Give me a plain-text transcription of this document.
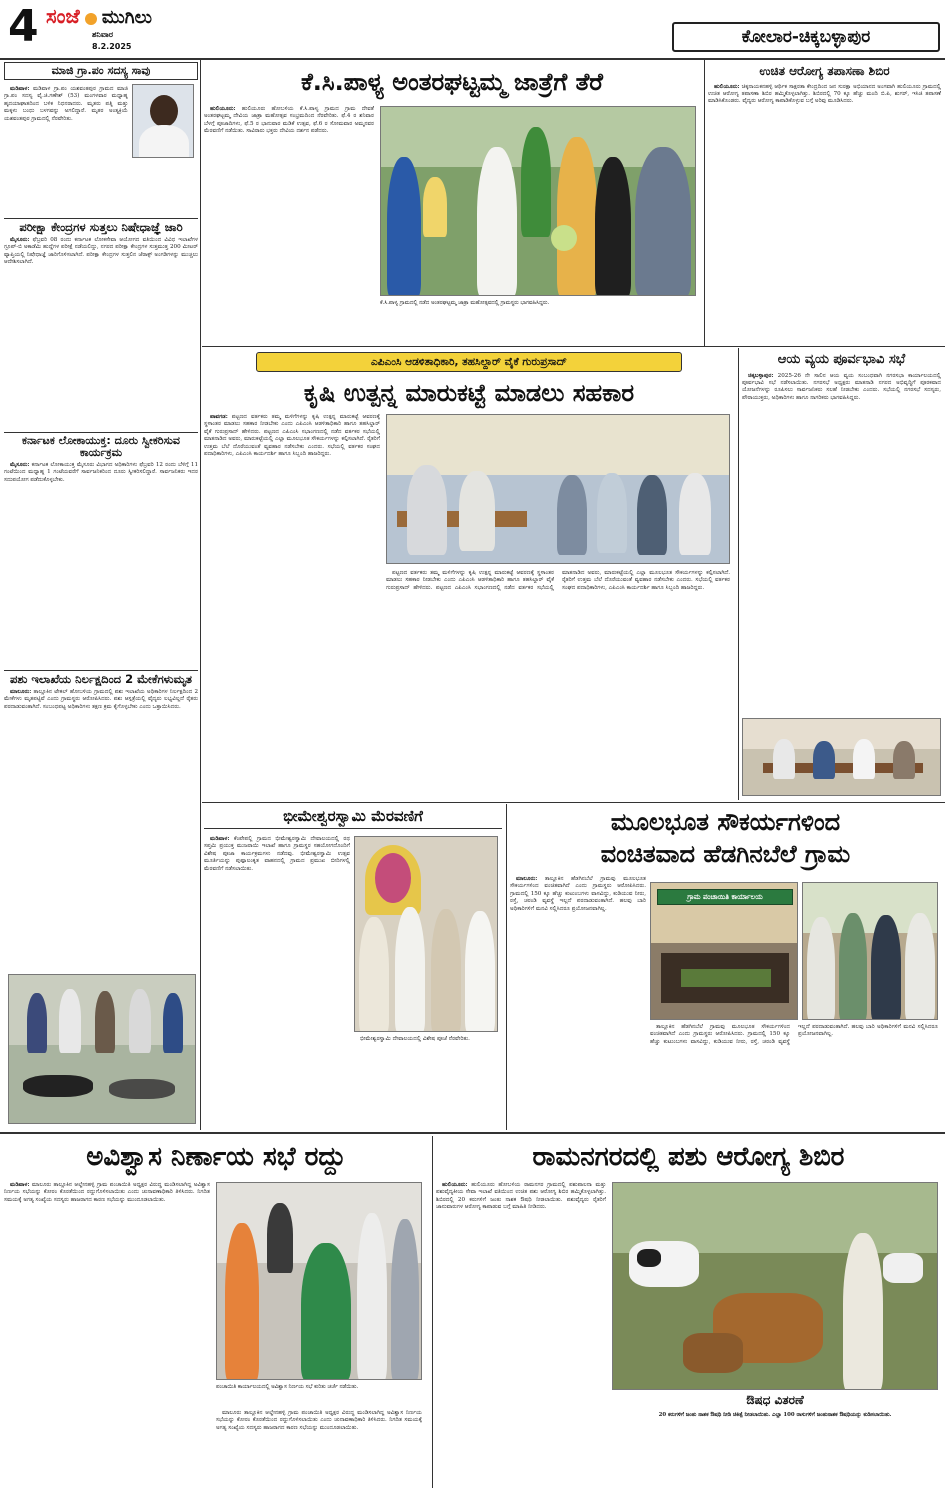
4 ಸಂಜೆ ಮುಗಿಲು
ಶನಿವಾರ
8.2.2025	ಕೋಲಾರ-ಚಿಕ್ಕಬಳ್ಳಾಪುರ
ಮಾಜಿ ಗ್ರಾ.ಪಂ ಸದಸ್ಯ ಸಾವು

ಮಡಿವಾಳ: ಮಡಿವಾಳ ಗ್ರಾ.ಪಂ ಯಶವಂತಪುರ ಗ್ರಾಮದ ಮಾಜಿ ಗ್ರಾ.ಪಂ ಸದಸ್ಯ ವೈ.ಜಿ.ಗಣೇಶ್ (53) ಮಂಗಳವಾರ ಮಧ್ಯಾಹ್ನ ಹೃದಯಾಘಾತದಿಂದ ಬಳಿಕ ನಿಧನರಾದರು. ಮೃತರು ಪತ್ನಿ ಮತ್ತು ಮಕ್ಕಳು ಬಂಧು ಬಳಗವನ್ನು ಅಗಲಿದ್ದಾರೆ. ಮೃತರ ಅಂತ್ಯಕ್ರಿಯೆ ಯಶವಂತಪುರ ಗ್ರಾಮದಲ್ಲಿ ನೆರವೇರಿತು.

ಪರೀಕ್ಷಾ ಕೇಂದ್ರಗಳ ಸುತ್ತಲು ನಿಷೇಧಾಜ್ಞೆ ಜಾರಿ

ಮೈಸೂರು: ಫೆಬ್ರವರಿ 08 ರಂದು ಕರ್ನಾಟಕ ಲೋಕಸೇವಾ ಆಯೋಗದ ವತಿಯಿಂದ ವಿವಿಧ ಇಲಾಖೆಗಳ ಗ್ರೂಪ್-ಬಿ ಅಕಾಡೆಮಿ ಹುದ್ದೆಗಳ ಪರೀಕ್ಷೆ ನಡೆಯಲಿದ್ದು, ನಗರದ ಪರೀಕ್ಷಾ ಕೇಂದ್ರಗಳ ಸುತ್ತಮುತ್ತ 200 ಮೀಟರ್ ವ್ಯಾಪ್ತಿಯಲ್ಲಿ ನಿಷೇಧಾಜ್ಞೆ ಜಾರಿಗೊಳಿಸಲಾಗಿದೆ. ಪರೀಕ್ಷಾ ಕೇಂದ್ರಗಳ ಸುತ್ತಲಿನ ಜೆರಾಕ್ಸ್ ಅಂಗಡಿಗಳನ್ನು ಮುಚ್ಚಲು ಆದೇಶಿಸಲಾಗಿದೆ.

ಕರ್ನಾಟಕ ಲೋಕಾಯುಕ್ತ: ದೂರು ಸ್ವೀಕರಿಸುವ ಕಾರ್ಯಕ್ರಮ

ಮೈಸೂರು: ಕರ್ನಾಟಕ ಲೋಕಾಯುಕ್ತ ಮೈಸೂರು ವಿಭಾಗದ ಅಧಿಕಾರಿಗಳು ಫೆಬ್ರವರಿ 12 ರಂದು ಬೆಳಿಗ್ಗೆ 11 ಗಂಟೆಯಿಂದ ಮಧ್ಯಾಹ್ನ 1 ಗಂಟೆಯವರೆಗೆ ಸಾರ್ವಜನಿಕರಿಂದ ದೂರು ಸ್ವೀಕರಿಸಲಿದ್ದಾರೆ. ಸಾರ್ವಜನಿಕರು ಇದರ ಸದುಪಯೋಗ ಪಡೆದುಕೊಳ್ಳಬೇಕು.

ಪಶು ಇಲಾಖೆಯ ನಿರ್ಲಕ್ಷದಿಂದ 2 ಮೇಕೆಗಳುಮೃತ

ಮಾಲೂರು: ತಾಲ್ಲೂಕಿನ ಟೇಕಲ್ ಹೋಬಳಿಯ ಗ್ರಾಮದಲ್ಲಿ ಪಶು ಇಲಾಖೆಯ ಅಧಿಕಾರಿಗಳ ನಿರ್ಲಕ್ಷದಿಂದ 2 ಮೇಕೆಗಳು ಮೃತಪಟ್ಟಿವೆ ಎಂದು ಗ್ರಾಮಸ್ಥರು ಆರೋಪಿಸಿದರು. ಪಶು ಆಸ್ಪತ್ರೆಯಲ್ಲಿ ವೈದ್ಯರು ಲಭ್ಯವಿಲ್ಲದೆ ರೈತರು ಪರದಾಡುವಂತಾಗಿದೆ. ಸಂಬಂಧಪಟ್ಟ ಅಧಿಕಾರಿಗಳು ತಕ್ಷಣ ಕ್ರಮ ಕೈಗೊಳ್ಳಬೇಕು ಎಂದು ಒತ್ತಾಯಿಸಿದರು.

ಕೆ.ಸಿ.ಪಾಳ್ಯ ಅಂತರಘಟ್ಟಮ್ಮ ಜಾತ್ರೆಗೆ ತೆರೆ

ಹುಲಿಯೂರು: ಹುಲಿಯೂರು ಹೋಬಳಿಯ ಕೆ.ಸಿ.ಪಾಳ್ಯ ಗ್ರಾಮದ ಗ್ರಾಮ ದೇವತೆ ಅಂತರಘಟ್ಟಮ್ಮ ದೇವಿಯ ಜಾತ್ರಾ ಮಹೋತ್ಸವ ಸಂಭ್ರಮದಿಂದ ನೆರವೇರಿತು. ಫೆ.4 ರ ಶನಿವಾರ ಬೆಳಗ್ಗೆ ಪೂಜಾದಿಗಳು, ಫೆ.5 ರ ಭಾನುವಾರ ಮಡಿಕೆ ಉತ್ಸವ, ಫೆ.6 ರ ಸೋಮವಾರ ಅಮ್ಮನವರ ಮೆರವಣಿಗೆ ನಡೆಯಿತು. ಸಾವಿರಾರು ಭಕ್ತರು ದೇವಿಯ ದರ್ಶನ ಪಡೆದರು.

ಕೆ.ಸಿ.ಪಾಳ್ಯ ಗ್ರಾಮದಲ್ಲಿ ನಡೆದ ಅಂತರಘಟ್ಟಮ್ಮ ಜಾತ್ರಾ ಮಹೋತ್ಸವದಲ್ಲಿ ಗ್ರಾಮಸ್ಥರು ಭಾಗವಹಿಸಿದ್ದರು.
ಉಚಿತ ಆರೋಗ್ಯ ತಪಾಸಣಾ ಶಿಬಿರ

ಹುಲಿಯೂರು: ಚಿಕ್ಕನಾಯಕನಹಳ್ಳಿ ಆರ್ಥಿಕ ಸಾಕ್ಷರತಾ ಕೇಂದ್ರದಿಂದ ಜನ ಸುರಕ್ಷಾ ಅಭಿಯಾನದ ಅಂಗವಾಗಿ ಹುಲಿಯೂರು ಗ್ರಾಮದಲ್ಲಿ ಉಚಿತ ಆರೋಗ್ಯ ತಪಾಸಣಾ ಶಿಬಿರ ಹಮ್ಮಿಕೊಳ್ಳಲಾಗಿತ್ತು. ಶಿಬಿರದಲ್ಲಿ 70 ಕ್ಕೂ ಹೆಚ್ಚು ಮಂದಿ ಬಿ.ಪಿ, ಶುಗರ್, ಇಸಿಜಿ ತಪಾಸಣೆ ಮಾಡಿಸಿಕೊಂಡರು. ವೈದ್ಯರು ಆರೋಗ್ಯ ಕಾಪಾಡಿಕೊಳ್ಳುವ ಬಗ್ಗೆ ಅರಿವು ಮೂಡಿಸಿದರು.

ಎಪಿಎಂಸಿ ಆಡಳಿತಾಧಿಕಾರಿ, ತಹಸಿಲ್ದಾರ್ ವೈಕೆ ಗುರುಪ್ರಸಾದ್
ಕೃಷಿ ಉತ್ಪನ್ನ ಮಾರುಕಟ್ಟೆ ಮಾಡಲು ಸಹಕಾರ

ಪಾವಗಡ: ಪಟ್ಟಣದ ವರ್ತಕರು ತಮ್ಮ ಮಳಿಗೆಗಳನ್ನು ಕೃಷಿ ಉತ್ಪನ್ನ ಮಾರುಕಟ್ಟೆ ಆವರಣಕ್ಕೆ ಸ್ಥಳಾಂತರ ಮಾಡಲು ಸಹಕಾರ ನೀಡಬೇಕು ಎಂದು ಎಪಿಎಂಸಿ ಆಡಳಿತಾಧಿಕಾರಿ ಹಾಗೂ ತಹಸಿಲ್ದಾರ್ ವೈಕೆ ಗುರುಪ್ರಸಾದ್ ಹೇಳಿದರು. ಪಟ್ಟಣದ ಎಪಿಎಂಸಿ ಸಭಾಂಗಣದಲ್ಲಿ ನಡೆದ ವರ್ತಕರ ಸಭೆಯಲ್ಲಿ ಮಾತನಾಡಿದ ಅವರು, ಮಾರುಕಟ್ಟೆಯಲ್ಲಿ ಎಲ್ಲಾ ಮೂಲಭೂತ ಸೌಕರ್ಯಗಳನ್ನು ಕಲ್ಪಿಸಲಾಗಿದೆ. ರೈತರಿಗೆ ಉತ್ತಮ ಬೆಲೆ ದೊರೆಯುವಂತೆ ವ್ಯವಹಾರ ನಡೆಸಬೇಕು ಎಂದರು. ಸಭೆಯಲ್ಲಿ ವರ್ತಕರ ಸಂಘದ ಪದಾಧಿಕಾರಿಗಳು, ಎಪಿಎಂಸಿ ಕಾರ್ಯದರ್ಶಿ ಹಾಗೂ ಸಿಬ್ಬಂದಿ ಹಾಜರಿದ್ದರು.

ಪಟ್ಟಣದ ವರ್ತಕರು ತಮ್ಮ ಮಳಿಗೆಗಳನ್ನು ಕೃಷಿ ಉತ್ಪನ್ನ ಮಾರುಕಟ್ಟೆ ಆವರಣಕ್ಕೆ ಸ್ಥಳಾಂತರ ಮಾಡಲು ಸಹಕಾರ ನೀಡಬೇಕು ಎಂದು ಎಪಿಎಂಸಿ ಆಡಳಿತಾಧಿಕಾರಿ ಹಾಗೂ ತಹಸಿಲ್ದಾರ್ ವೈಕೆ ಗುರುಪ್ರಸಾದ್ ಹೇಳಿದರು. ಪಟ್ಟಣದ ಎಪಿಎಂಸಿ ಸಭಾಂಗಣದಲ್ಲಿ ನಡೆದ ವರ್ತಕರ ಸಭೆಯಲ್ಲಿ ಮಾತನಾಡಿದ ಅವರು, ಮಾರುಕಟ್ಟೆಯಲ್ಲಿ ಎಲ್ಲಾ ಮೂಲಭೂತ ಸೌಕರ್ಯಗಳನ್ನು ಕಲ್ಪಿಸಲಾಗಿದೆ. ರೈತರಿಗೆ ಉತ್ತಮ ಬೆಲೆ ದೊರೆಯುವಂತೆ ವ್ಯವಹಾರ ನಡೆಸಬೇಕು ಎಂದರು. ಸಭೆಯಲ್ಲಿ ವರ್ತಕರ ಸಂಘದ ಪದಾಧಿಕಾರಿಗಳು, ಎಪಿಎಂಸಿ ಕಾರ್ಯದರ್ಶಿ ಹಾಗೂ ಸಿಬ್ಬಂದಿ ಹಾಜರಿದ್ದರು.

ಆಯ ವ್ಯಯ ಪೂರ್ವಭಾವಿ ಸಭೆ

ಚಿಕ್ಕಬಳ್ಳಾಪುರ: 2025-26 ನೇ ಸಾಲಿನ ಆಯ ವ್ಯಯ ಸಂಬಂಧವಾಗಿ ನಗರಸಭಾ ಕಾರ್ಯಾಲಯದಲ್ಲಿ ಪೂರ್ವಭಾವಿ ಸಭೆ ನಡೆಸಲಾಯಿತು. ನಗರಸಭೆ ಅಧ್ಯಕ್ಷರು ಮಾತನಾಡಿ ನಗರದ ಅಭಿವೃದ್ಧಿಗೆ ಪೂರಕವಾದ ಯೋಜನೆಗಳನ್ನು ರೂಪಿಸಲು ಸಾರ್ವಜನಿಕರು ಸಲಹೆ ನೀಡಬೇಕು ಎಂದರು. ಸಭೆಯಲ್ಲಿ ನಗರಸಭೆ ಸದಸ್ಯರು, ಪೌರಾಯುಕ್ತರು, ಅಧಿಕಾರಿಗಳು ಹಾಗೂ ನಾಗರಿಕರು ಭಾಗವಹಿಸಿದ್ದರು.

ಭೀಮೇಶ್ವರಸ್ವಾಮಿ ಮೆರವಣಿಗೆ

ಮಡಿವಾಳ: ಕೆಂಪೇಪಲ್ಲಿ ಗ್ರಾಮದ ಭೀಮೇಶ್ವರಸ್ವಾಮಿ ದೇವಾಲಯದಲ್ಲಿ ರಥ ಸಪ್ತಮಿ ಪ್ರಯುಕ್ತ ಮುಜರಾಯಿ ಇಲಾಖೆ ಹಾಗೂ ಗ್ರಾಮಸ್ಥರ ಸಹಯೋಗದೊಂದಿಗೆ ವಿಶೇಷ ಪೂಜಾ ಕಾರ್ಯಕ್ರಮಗಳು ನಡೆದವು. ಭೀಮೇಶ್ವರಸ್ವಾಮಿ ಉತ್ಸವ ಮೂರ್ತಿಯನ್ನು ಪುಷ್ಪಾಲಂಕೃತ ವಾಹನದಲ್ಲಿ ಗ್ರಾಮದ ಪ್ರಮುಖ ಬೀದಿಗಳಲ್ಲಿ ಮೆರವಣಿಗೆ ನಡೆಸಲಾಯಿತು.

ಭೀಮೇಶ್ವರಸ್ವಾಮಿ ದೇವಾಲಯದಲ್ಲಿ ವಿಶೇಷ ಪೂಜೆ ನೆರವೇರಿತು.

ಮೂಲಭೂತ ಸೌಕರ್ಯಗಳಿಂದ
ವಂಚಿತವಾದ ಹೆಡಗಿನಬೆಲೆ ಗ್ರಾಮ

ಮಾಲೂರು: ತಾಲ್ಲೂಕಿನ ಹೆಡಗಿನಬೆಲೆ ಗ್ರಾಮವು ಮೂಲಭೂತ ಸೌಕರ್ಯಗಳಿಂದ ವಂಚಿತವಾಗಿದೆ ಎಂದು ಗ್ರಾಮಸ್ಥರು ಆರೋಪಿಸಿದರು. ಗ್ರಾಮದಲ್ಲಿ 150 ಕ್ಕೂ ಹೆಚ್ಚು ಕುಟುಂಬಗಳು ವಾಸವಿದ್ದು, ಕುಡಿಯುವ ನೀರು, ರಸ್ತೆ, ಚರಂಡಿ ವ್ಯವಸ್ಥೆ ಇಲ್ಲದೆ ಪರದಾಡುವಂತಾಗಿದೆ. ಹಲವು ಬಾರಿ ಅಧಿಕಾರಿಗಳಿಗೆ ಮನವಿ ಸಲ್ಲಿಸಿದರೂ ಪ್ರಯೋಜನವಾಗಿಲ್ಲ.

ಗ್ರಾಮ ಪಂಚಾಯಿತಿ ಕಾರ್ಯಾಲಯ

ತಾಲ್ಲೂಕಿನ ಹೆಡಗಿನಬೆಲೆ ಗ್ರಾಮವು ಮೂಲಭೂತ ಸೌಕರ್ಯಗಳಿಂದ ವಂಚಿತವಾಗಿದೆ ಎಂದು ಗ್ರಾಮಸ್ಥರು ಆರೋಪಿಸಿದರು. ಗ್ರಾಮದಲ್ಲಿ 150 ಕ್ಕೂ ಹೆಚ್ಚು ಕುಟುಂಬಗಳು ವಾಸವಿದ್ದು, ಕುಡಿಯುವ ನೀರು, ರಸ್ತೆ, ಚರಂಡಿ ವ್ಯವಸ್ಥೆ ಇಲ್ಲದೆ ಪರದಾಡುವಂತಾಗಿದೆ. ಹಲವು ಬಾರಿ ಅಧಿಕಾರಿಗಳಿಗೆ ಮನವಿ ಸಲ್ಲಿಸಿದರೂ ಪ್ರಯೋಜನವಾಗಿಲ್ಲ.

ಅವಿಶ್ವಾಸ ನಿರ್ಣಾಯ ಸಭೆ ರದ್ದು

ಮಡಿವಾಳ: ಮಾಲೂರು ತಾಲ್ಲೂಕಿನ ಆಲ್ದೇನಹಳ್ಳಿ ಗ್ರಾಮ ಪಂಚಾಯಿತಿ ಅಧ್ಯಕ್ಷರ ವಿರುದ್ಧ ಮಂಡಿಸಲಾಗಿದ್ದ ಅವಿಶ್ವಾಸ ನಿರ್ಣಯ ಸಭೆಯನ್ನು ಕೋರಂ ಕೊರತೆಯಿಂದ ರದ್ದುಗೊಳಿಸಲಾಯಿತು ಎಂದು ಚುನಾವಣಾಧಿಕಾರಿ ತಿಳಿಸಿದರು. ನಿಗದಿತ ಸಮಯಕ್ಕೆ ಅಗತ್ಯ ಸಂಖ್ಯೆಯ ಸದಸ್ಯರು ಹಾಜರಾಗದ ಕಾರಣ ಸಭೆಯನ್ನು ಮುಂದೂಡಲಾಯಿತು.

ಪಂಚಾಯಿತಿ ಕಾರ್ಯಾಲಯದಲ್ಲಿ ಅವಿಶ್ವಾಸ ನಿರ್ಣಯ ಸಭೆ ಕುರಿತು ಚರ್ಚೆ ನಡೆಯಿತು.

ಮಾಲೂರು ತಾಲ್ಲೂಕಿನ ಆಲ್ದೇನಹಳ್ಳಿ ಗ್ರಾಮ ಪಂಚಾಯಿತಿ ಅಧ್ಯಕ್ಷರ ವಿರುದ್ಧ ಮಂಡಿಸಲಾಗಿದ್ದ ಅವಿಶ್ವಾಸ ನಿರ್ಣಯ ಸಭೆಯನ್ನು ಕೋರಂ ಕೊರತೆಯಿಂದ ರದ್ದುಗೊಳಿಸಲಾಯಿತು ಎಂದು ಚುನಾವಣಾಧಿಕಾರಿ ತಿಳಿಸಿದರು. ನಿಗದಿತ ಸಮಯಕ್ಕೆ ಅಗತ್ಯ ಸಂಖ್ಯೆಯ ಸದಸ್ಯರು ಹಾಜರಾಗದ ಕಾರಣ ಸಭೆಯನ್ನು ಮುಂದೂಡಲಾಯಿತು.

ರಾಮನಗರದಲ್ಲಿ ಪಶು ಆರೋಗ್ಯ ಶಿಬಿರ

ಹುಲಿಯೂರು: ಹುಲಿಯೂರು ಹೋಬಳಿಯ ರಾಮನಗರ ಗ್ರಾಮದಲ್ಲಿ ಪಶುಪಾಲನಾ ಮತ್ತು ಪಶುವೈದ್ಯಕೀಯ ಸೇವಾ ಇಲಾಖೆ ವತಿಯಿಂದ ಉಚಿತ ಪಶು ಆರೋಗ್ಯ ಶಿಬಿರ ಹಮ್ಮಿಕೊಳ್ಳಲಾಗಿತ್ತು. ಶಿಬಿರದಲ್ಲಿ 20 ಕರುಗಳಿಗೆ ಜಂತು ನಾಶಕ ಔಷಧಿ ನೀಡಲಾಯಿತು. ಪಶುವೈದ್ಯರು ರೈತರಿಗೆ ಜಾನುವಾರುಗಳ ಆರೋಗ್ಯ ಕಾಪಾಡುವ ಬಗ್ಗೆ ಮಾಹಿತಿ ನೀಡಿದರು.

ಔಷಧ ವಿತರಣೆ
20 ಕರುಗಳಿಗೆ ಜಂತು ನಾಶಕ ಔಷಧಿ ನೀಡಿ ಚಿಕಿತ್ಸೆ ನೀಡಲಾಯಿತು. ಎಲ್ಲಾ 100 ರಾಸುಗಳಿಗೆ ಜಂತುನಾಶಕ ಔಷಧಿಯನ್ನು ಕುಡಿಸಲಾಯಿತು.
